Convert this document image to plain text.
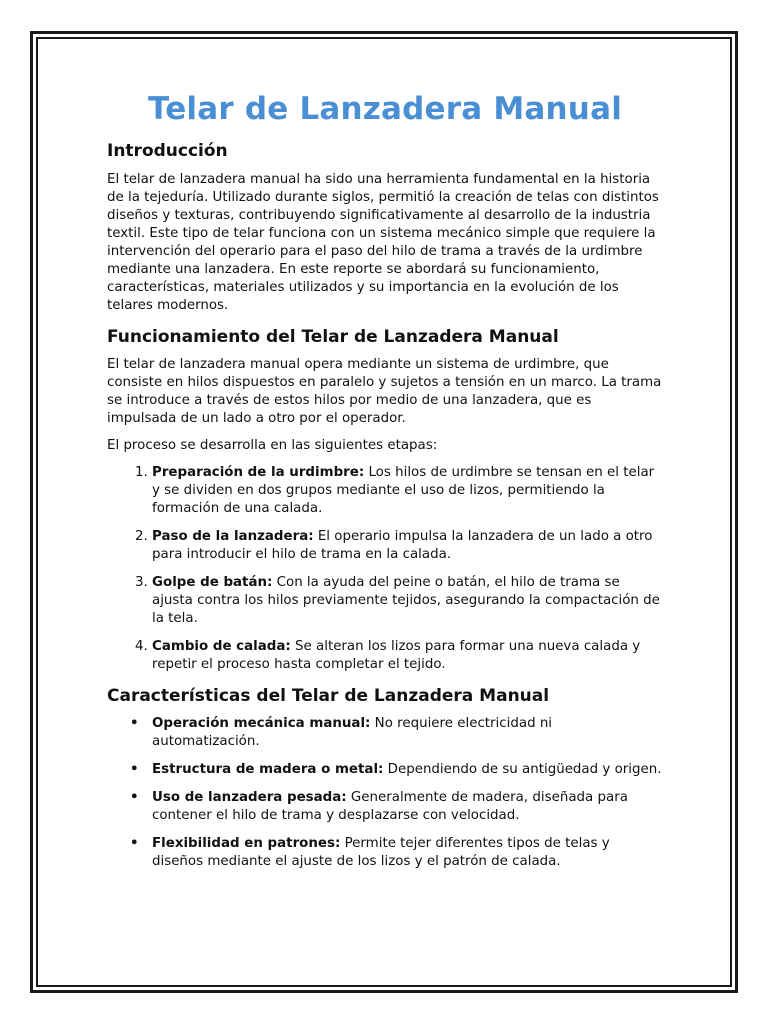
Telar de Lanzadera Manual
Introducción

El telar de lanzadera manual ha sido una herramienta fundamental en la historia de la tejeduría. Utilizado durante siglos, permitió la creación de telas con distintos diseños y texturas, contribuyendo significativamente al desarrollo de la industria textil. Este tipo de telar funciona con un sistema mecánico simple que requiere la intervención del operario para el paso del hilo de trama a través de la urdimbre mediante una lanzadera. En este reporte se abordará su funcionamiento, características, materiales utilizados y su importancia en la evolución de los telares modernos.

Funcionamiento del Telar de Lanzadera Manual

El telar de lanzadera manual opera mediante un sistema de urdimbre, que consiste en hilos dispuestos en paralelo y sujetos a tensión en un marco. La trama se introduce a través de estos hilos por medio de una lanzadera, que es impulsada de un lado a otro por el operador.

El proceso se desarrolla en las siguientes etapas:

1. Preparación de la urdimbre: Los hilos de urdimbre se tensan en el telar y se dividen en dos grupos mediante el uso de lizos, permitiendo la formación de una calada.
2. Paso de la lanzadera: El operario impulsa la lanzadera de un lado a otro para introducir el hilo de trama en la calada.
3. Golpe de batán: Con la ayuda del peine o batán, el hilo de trama se ajusta contra los hilos previamente tejidos, asegurando la compactación de la tela.
4. Cambio de calada: Se alteran los lizos para formar una nueva calada y repetir el proceso hasta completar el tejido.
Características del Telar de Lanzadera Manual
• Operación mecánica manual: No requiere electricidad ni automatización.
• Estructura de madera o metal: Dependiendo de su antigüedad y origen.
• Uso de lanzadera pesada: Generalmente de madera, diseñada para contener el hilo de trama y desplazarse con velocidad.
• Flexibilidad en patrones: Permite tejer diferentes tipos de telas y diseños mediante el ajuste de los lizos y el patrón de calada.
